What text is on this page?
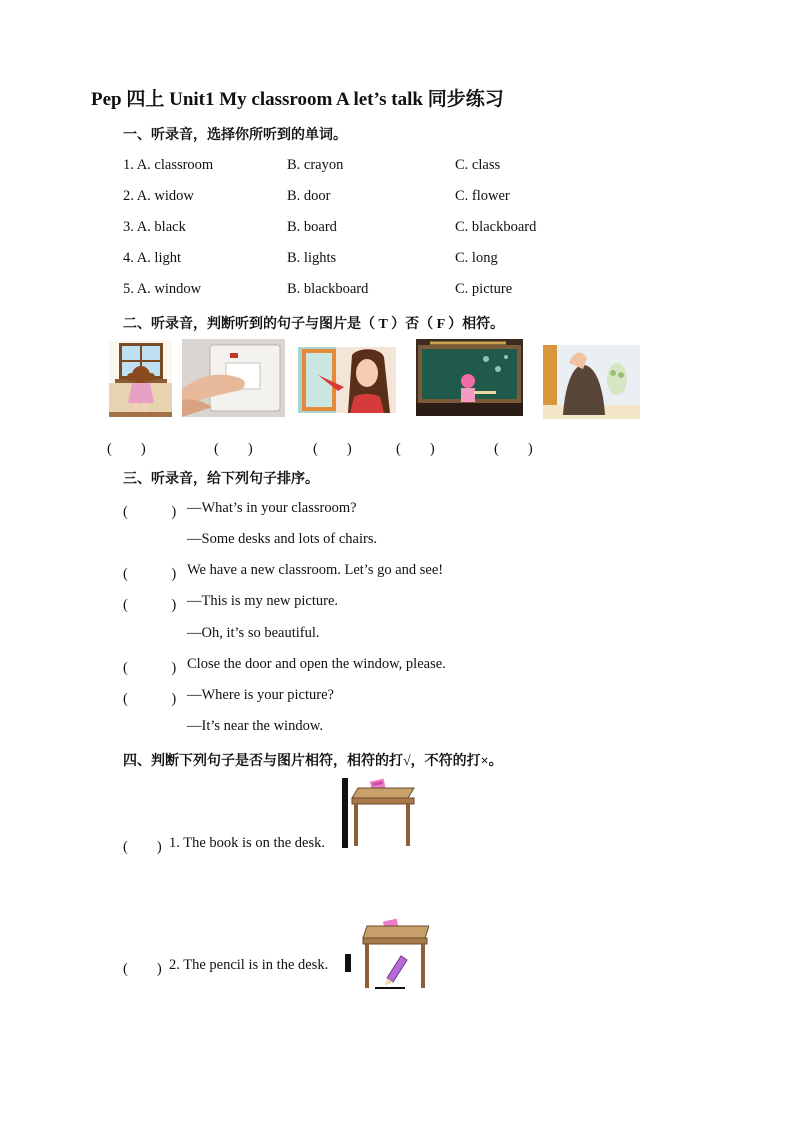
Pep 四上 Unit1 My classroom A let’s talk 同步练习
一、听录音，选择你所听到的单词。
1. A. classroom	B. crayon	C. class
2. A. widow	B. door	C. flower
3. A. black	B. board	C. blackboard
4. A. light	B. lights	C. long
5. A. window	B. blackboard	C. picture
二、听录音，判断听到的句子与图片是（ T ）否（ F ）相符。
(　　)	(　　)	(　　)	(　　)	(　　)
三、听录音，给下列句子排序。
(　　　) —What’s in your classroom?
—Some desks and lots of chairs.
(　　　) We have a new classroom. Let’s go and see!
(　　　) —This is my new picture.
—Oh, it’s so beautiful.
(　　　) Close the door and open the window, please.
(　　　) —Where is your picture?
—It’s near the window.
四、判断下列句子是否与图片相符，相符的打√，不符的打×。
(　　) 1. The book is on the desk.
(　　) 2. The pencil is in the desk.
